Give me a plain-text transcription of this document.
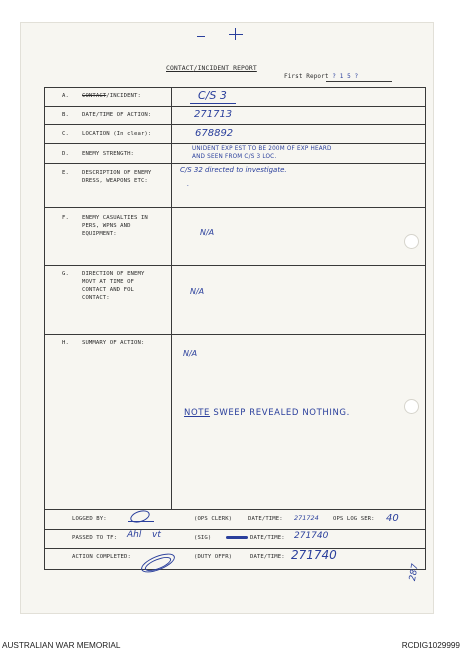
CONTACT/INCIDENT REPORT
First Report ? 1 5 ?
A. CONTACT/INCIDENT:	C/S 3
B. DATE/TIME OF ACTION:	271713
C. LOCATION (In clear):	678892
D. ENEMY STRENGTH:
UNIDENT EXP EST TO BE 200M OF EXP HEARD
AND SEEN FROM C/S 3 LOC.
E. DESCRIPTION OF ENEMY
DRESS, WEAPONS ETC:
C/S 32 directed to investigate.
-
F. ENEMY CASUALTIES IN
PERS, WPNS AND
EQUIPMENT:	N/A
G. DIRECTION OF ENEMY
MOVT AT TIME OF
CONTACT AND FOL
CONTACT:
N/A
H. SUMMARY OF ACTION:
N/A
NOTE SWEEP REVEALED NOTHING.
LOGGED BY:	(OPS CLERK)	DATE/TIME: 271724	OPS LOG SER: 40
PASSED TO TF: Ahl vt	(SIG)	DATE/TIME: 271740
ACTION COMPLETED:	(DUTY OFFR)	DATE/TIME: 271740
287
AUSTRALIAN WAR MEMORIAL	RCDIG1029999
